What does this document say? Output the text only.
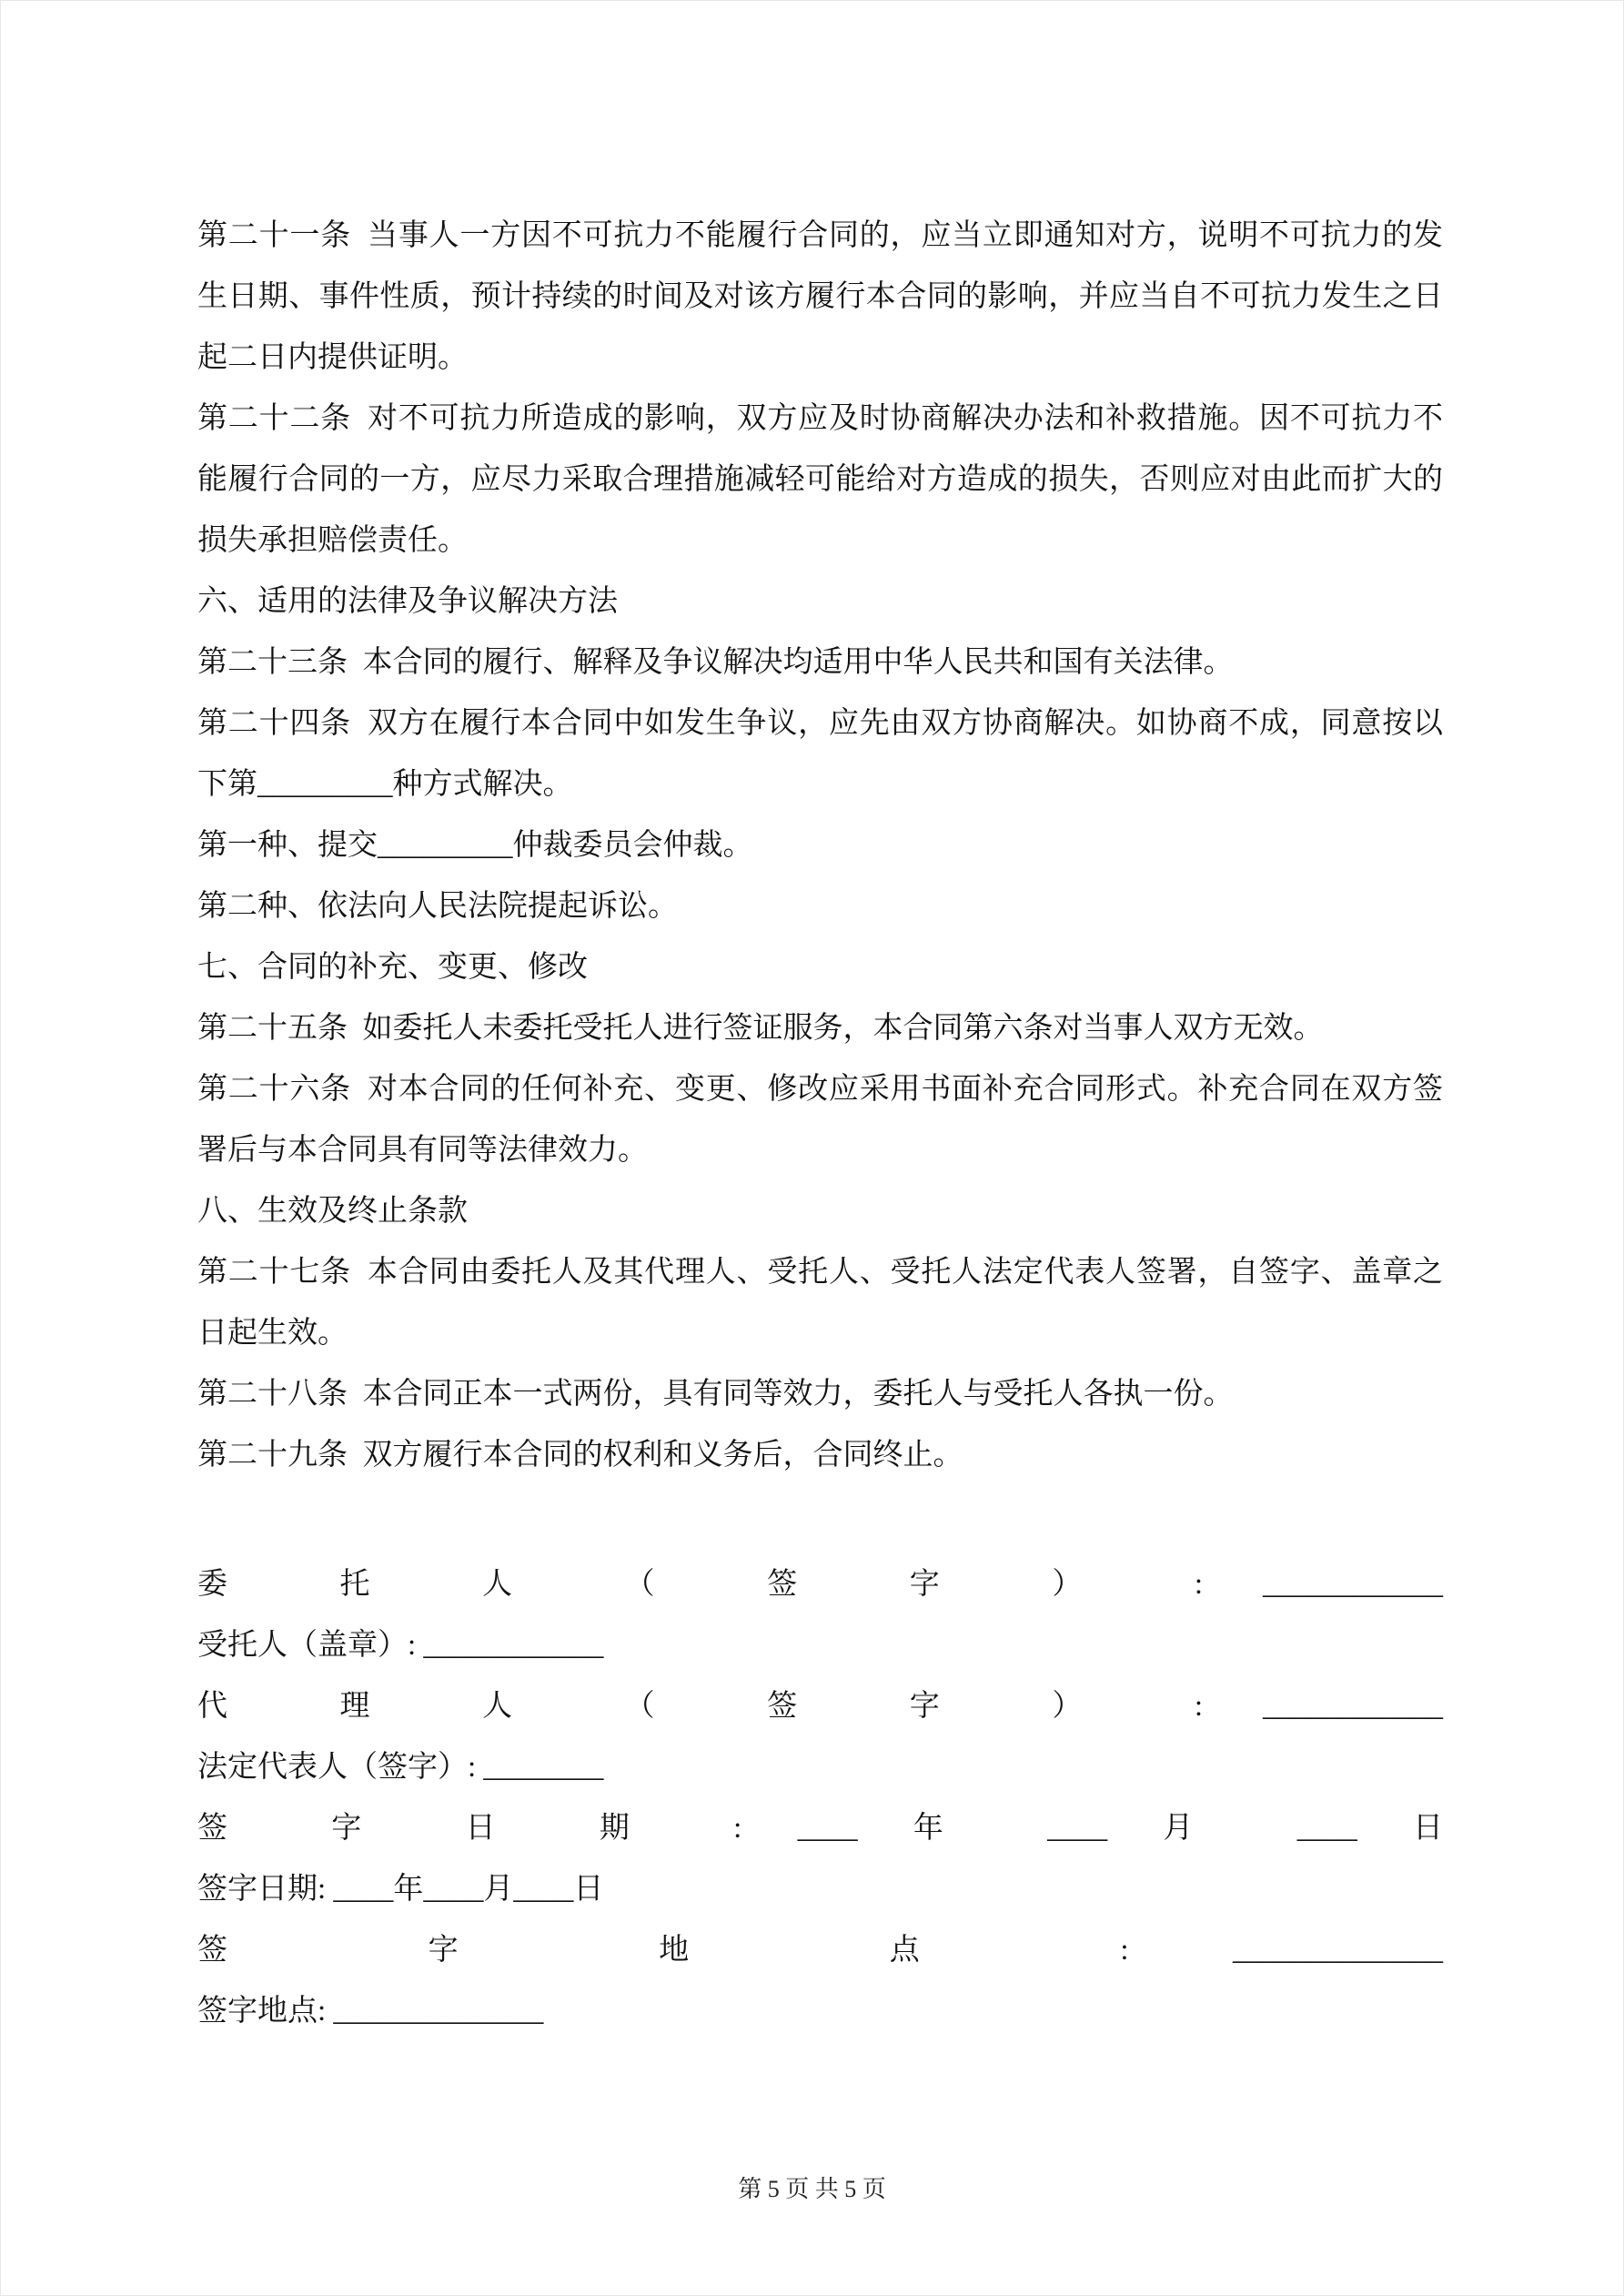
第二十一条  当事人一方因不可抗力不能履行合同的，应当立即通知对方，说明不可抗力的发生日期、事件性质，预计持续的时间及对该方履行本合同的影响，并应当自不可抗力发生之日起二日内提供证明。

第二十二条  对不可抗力所造成的影响，双方应及时协商解决办法和补救措施。因不可抗力不能履行合同的一方，应尽力采取合理措施减轻可能给对方造成的损失，否则应对由此而扩大的损失承担赔偿责任。

六、适用的法律及争议解决方法

第二十三条  本合同的履行、解释及争议解决均适用中华人民共和国有关法律。

第二十四条  双方在履行本合同中如发生争议，应先由双方协商解决。如协商不成，同意按以下第_________种方式解决。

第一种、提交_________仲裁委员会仲裁。

第二种、依法向人民法院提起诉讼。

七、合同的补充、变更、修改

第二十五条  如委托人未委托受托人进行签证服务，本合同第六条对当事人双方无效。

第二十六条  对本合同的任何补充、变更、修改应采用书面补充合同形式。补充合同在双方签署后与本合同具有同等法律效力。

八、生效及终止条款

第二十七条  本合同由委托人及其代理人、受托人、受托人法定代表人签署，自签字、盖章之日起生效。

第二十八条  本合同正本一式两份，具有同等效力，委托人与受托人各执一份。

第二十九条  双方履行本合同的权利和义务后，合同终止。

委 托 人 （ 签 字 ） : ____________

受托人（盖章）: ____________

代 理 人 （ 签 字 ） : ____________

法定代表人（签字）: ________

签 字 日 期 : ____ 年 ____ 月 ____ 日

签字日期: ____年____月____日

签 字 地 点 : ______________

签字地点: ______________

第 5 页 共 5 页
